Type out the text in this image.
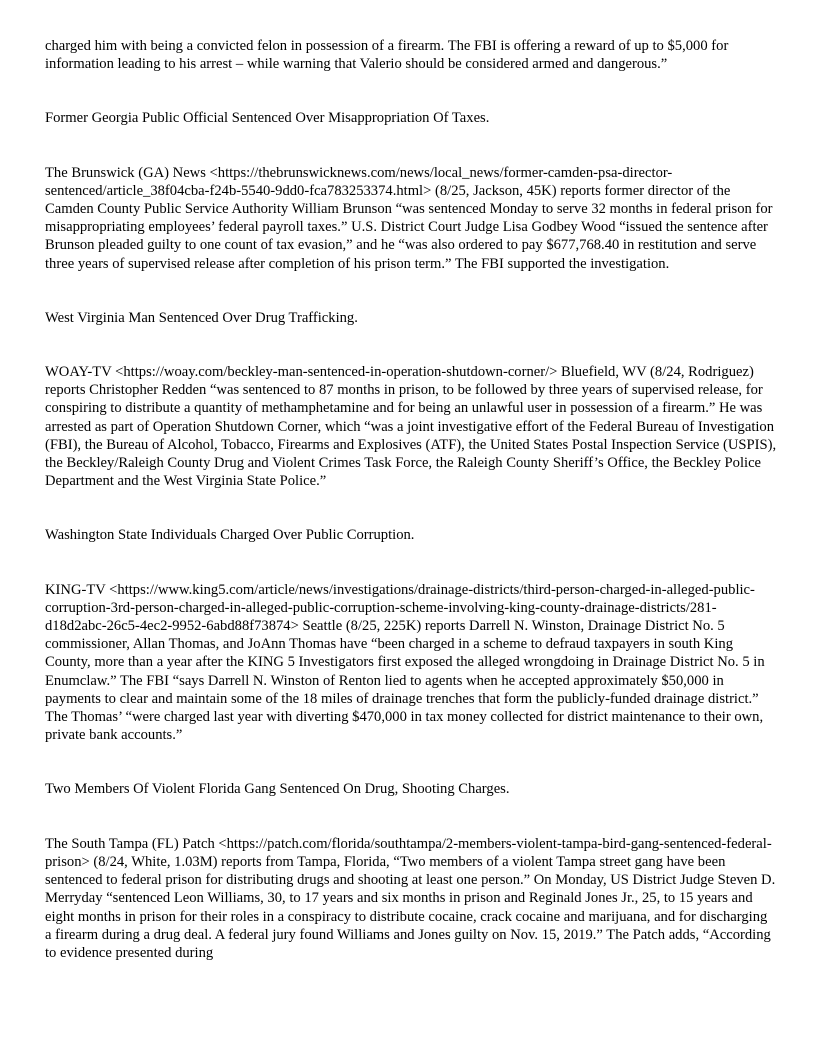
charged him with being a convicted felon in possession of a firearm. The FBI is offering a reward of up to $5,000 for information leading to his arrest – while warning that Valerio should be considered armed and dangerous.”

Former Georgia Public Official Sentenced Over Misappropriation Of Taxes.

The Brunswick (GA) News <https://thebrunswicknews.com/news/local_news/former-camden-psa-director-sentenced/article_38f04cba-f24b-5540-9dd0-fca783253374.html> (8/25, Jackson, 45K) reports former director of the Camden County Public Service Authority William Brunson “was sentenced Monday to serve 32 months in federal prison for misappropriating employees’ federal payroll taxes.” U.S. District Court Judge Lisa Godbey Wood “issued the sentence after Brunson pleaded guilty to one count of tax evasion,” and he “was also ordered to pay $677,768.40 in restitution and serve three years of supervised release after completion of his prison term.” The FBI supported the investigation.

West Virginia Man Sentenced Over Drug Trafficking.

WOAY-TV <https://woay.com/beckley-man-sentenced-in-operation-shutdown-corner/> Bluefield, WV (8/24, Rodriguez) reports Christopher Redden “was sentenced to 87 months in prison, to be followed by three years of supervised release, for conspiring to distribute a quantity of methamphetamine and for being an unlawful user in possession of a firearm.” He was arrested as part of Operation Shutdown Corner, which “was a joint investigative effort of the Federal Bureau of Investigation (FBI), the Bureau of Alcohol, Tobacco, Firearms and Explosives (ATF), the United States Postal Inspection Service (USPIS), the Beckley/Raleigh County Drug and Violent Crimes Task Force, the Raleigh County Sheriff’s Office, the Beckley Police Department and the West Virginia State Police.”

Washington State Individuals Charged Over Public Corruption.

KING-TV <https://www.king5.com/article/news/investigations/drainage-districts/third-person-charged-in-alleged-public-corruption-3rd-person-charged-in-alleged-public-corruption-scheme-involving-king-county-drainage-districts/281-d18d2abc-26c5-4ec2-9952-6abd88f73874> Seattle (8/25, 225K) reports Darrell N. Winston, Drainage District No. 5 commissioner, Allan Thomas, and JoAnn Thomas have “been charged in a scheme to defraud taxpayers in south King County, more than a year after the KING 5 Investigators first exposed the alleged wrongdoing in Drainage District No. 5 in Enumclaw.” The FBI “says Darrell N. Winston of Renton lied to agents when he accepted approximately $50,000 in payments to clear and maintain some of the 18 miles of drainage trenches that form the publicly-funded drainage district.” The Thomas’ “were charged last year with diverting $470,000 in tax money collected for district maintenance to their own, private bank accounts.”

Two Members Of Violent Florida Gang Sentenced On Drug, Shooting Charges.

The South Tampa (FL) Patch <https://patch.com/florida/southtampa/2-members-violent-tampa-bird-gang-sentenced-federal-prison> (8/24, White, 1.03M) reports from Tampa, Florida, “Two members of a violent Tampa street gang have been sentenced to federal prison for distributing drugs and shooting at least one person.” On Monday, US District Judge Steven D. Merryday “sentenced Leon Williams, 30, to 17 years and six months in prison and Reginald Jones Jr., 25, to 15 years and eight months in prison for their roles in a conspiracy to distribute cocaine, crack cocaine and marijuana, and for discharging a firearm during a drug deal. A federal jury found Williams and Jones guilty on Nov. 15, 2019.” The Patch adds, “According to evidence presented during
